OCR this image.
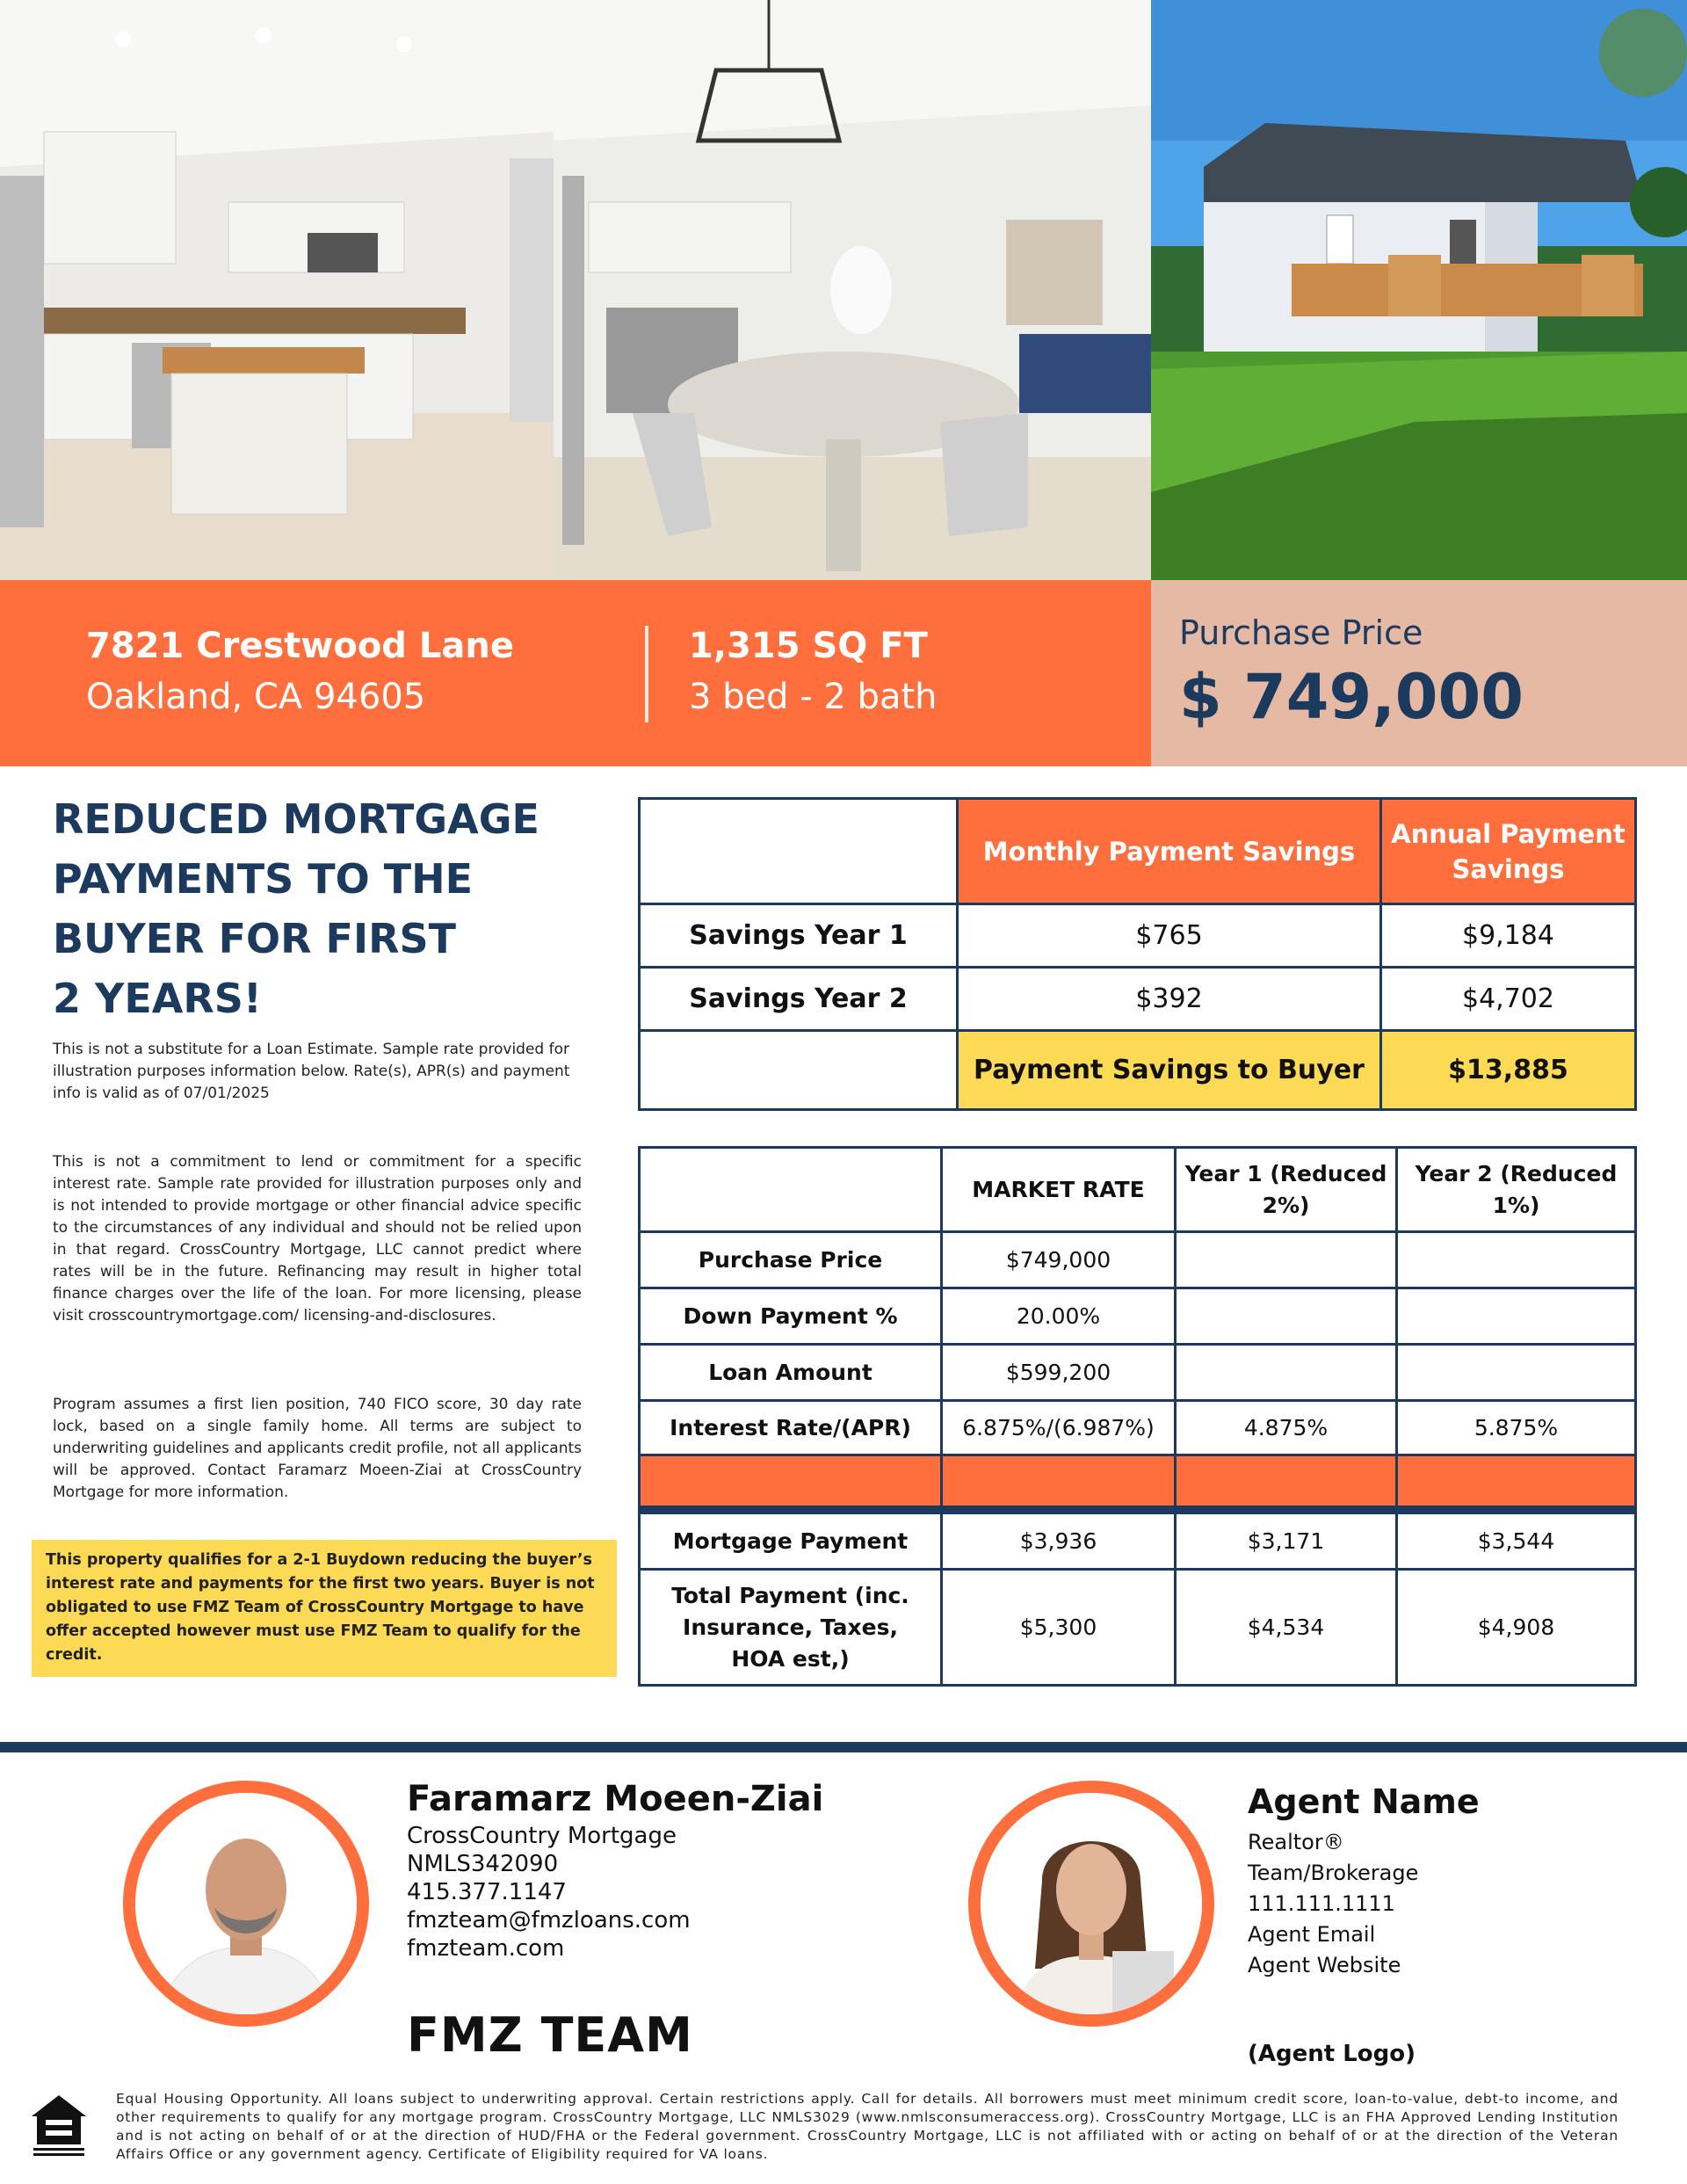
7821 Crestwood Lane
Oakland, CA 94605
1,315 SQ FT
3 bed - 2 bath
Purchase Price
$ 749,000
REDUCED MORTGAGE
PAYMENTS TO THE
BUYER FOR FIRST
2 YEARS!
This is not a substitute for a Loan Estimate. Sample rate provided for illustration purposes information below. Rate(s), APR(s) and payment info is valid as of 07/01/2025
This is not a commitment to lend or commitment for a specific interest rate. Sample rate provided for illustration purposes only and is not intended to provide mortgage or other financial advice specific to the circumstances of any individual and should not be relied upon in that regard. CrossCountry Mortgage, LLC cannot predict where rates will be in the future. Refinancing may result in higher total finance charges over the life of the loan. For more licensing, please visit crosscountrymortgage.com/ licensing-and-disclosures.
Program assumes a first lien position, 740 FICO score, 30 day rate lock, based on a single family home. All terms are subject to underwriting guidelines and applicants credit profile, not all applicants will be approved. Contact Faramarz Moeen-Ziai at CrossCountry Mortgage for more information.
This property qualifies for a 2-1 Buydown reducing the buyer’s interest rate and payments for the first two years. Buyer is not obligated to use FMZ Team of CrossCountry Mortgage to have offer accepted however must use FMZ Team to qualify for the credit.
	Monthly Payment Savings	Annual Payment Savings
Savings Year 1	$765	$9,184
Savings Year 2	$392	$4,702
	Payment Savings to Buyer	$13,885
	MARKET RATE	Year 1 (Reduced 2%)	Year 2 (Reduced 1%)
Purchase Price	$749,000		
Down Payment %	20.00%		
Loan Amount	$599,200		
Interest Rate/(APR)	6.875%/(6.987%)	4.875%	5.875%

Mortgage Payment	$3,936	$3,171	$3,544
Total Payment (inc. Insurance, Taxes, HOA est,)	$5,300	$4,534	$4,908
Faramarz Moeen-Ziai
CrossCountry Mortgage
NMLS342090
415.377.1147
fmzteam@fmzloans.com
fmzteam.com
FMZ TEAM
Agent Name
Realtor®
Team/Brokerage
111.111.1111
Agent Email
Agent Website
(Agent Logo)
Equal Housing Opportunity. All loans subject to underwriting approval. Certain restrictions apply. Call for details. All borrowers must meet minimum credit score, loan-to-value, debt-to income, and other requirements to qualify for any mortgage program. CrossCountry Mortgage, LLC NMLS3029 (www.nmlsconsumeraccess.org). CrossCountry Mortgage, LLC is an FHA Approved Lending Institution and is not acting on behalf of or at the direction of HUD/FHA or the Federal government. CrossCountry Mortgage, LLC is not affiliated with or acting on behalf of or at the direction of the Veteran Affairs Office or any government agency. Certificate of Eligibility required for VA loans.
